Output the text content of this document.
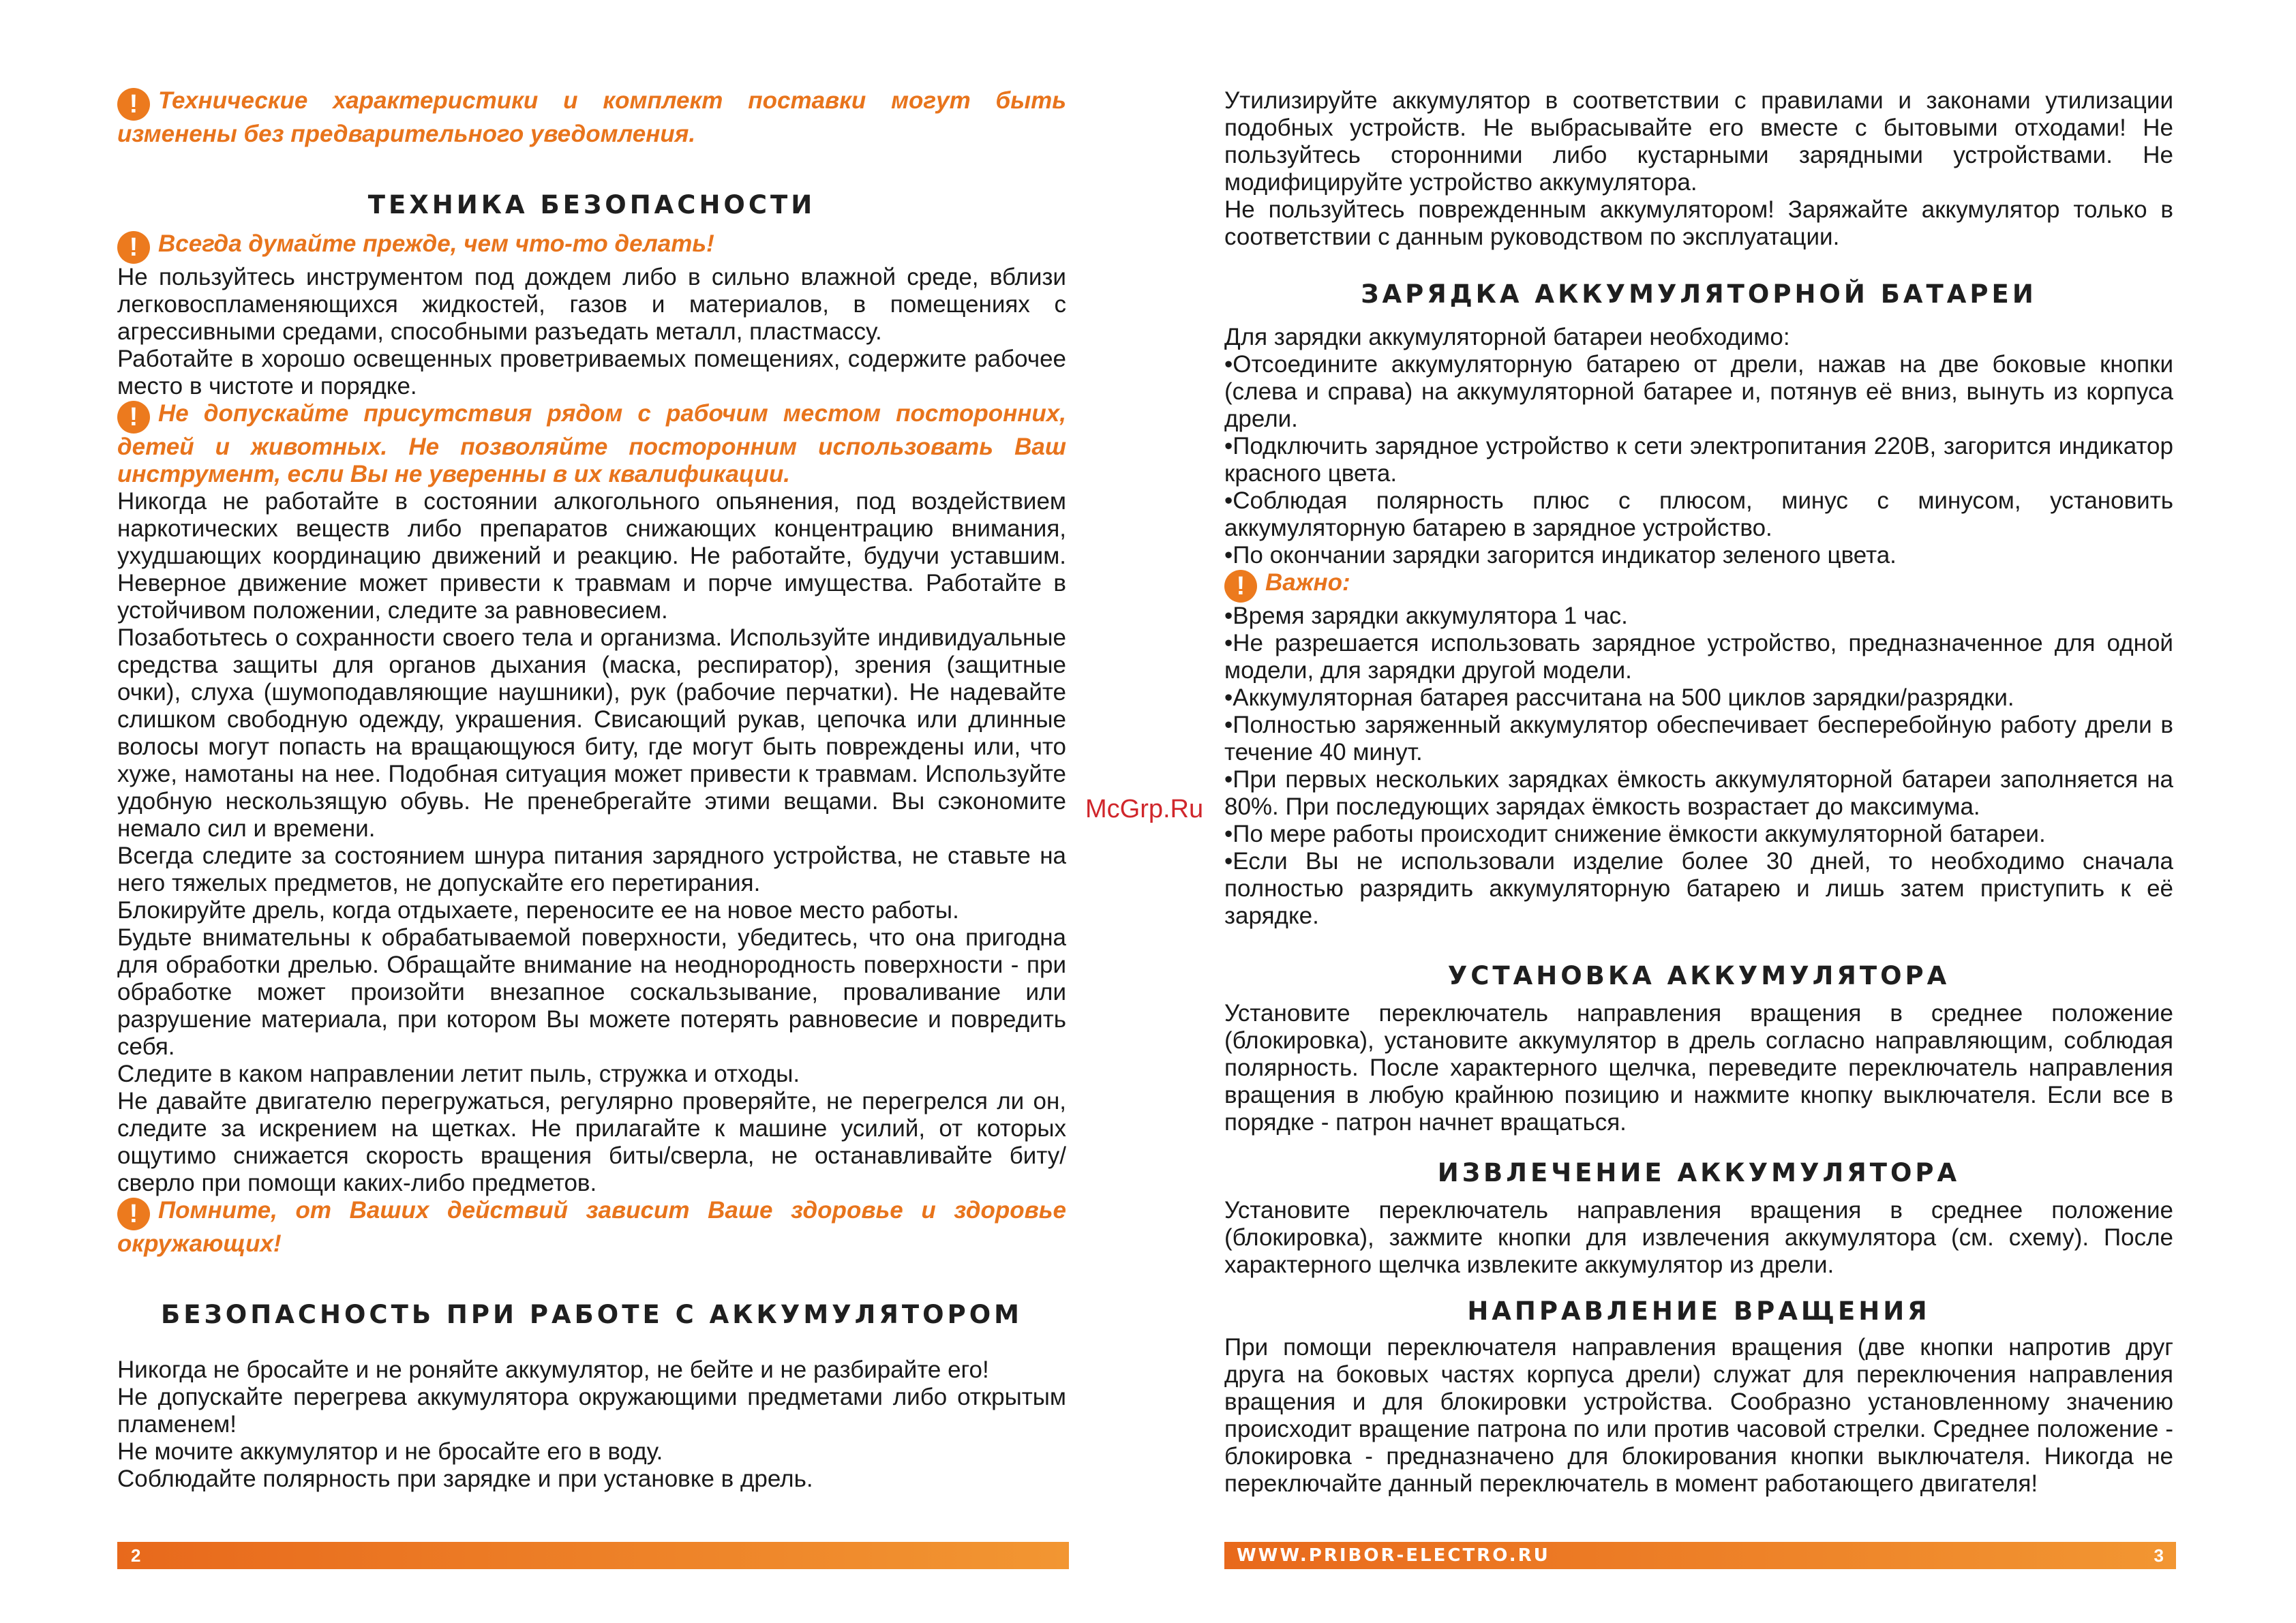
! Технические характеристики и комплект поставки могут быть изменены без предварительного уведомления.

ТЕХНИКА БЕЗОПАСНОСТИ

! Всегда думайте прежде, чем что-то делать!

Не пользуйтесь инструментом под дождем либо в сильно влажной среде, вблизи легковоспламеняющихся жидкостей, газов и материалов, в помещениях с агрессивными средами, способными разъедать металл, пластмассу.

Работайте в хорошо освещенных проветриваемых помещениях, содержите рабочее место в чистоте и порядке.

! Не допускайте присутствия рядом с рабочим местом посторонних, детей и животных. Не позволяйте посторонним использовать Ваш инструмент, если Вы не уверенны в их квалификации.

Никогда не работайте в состоянии алкогольного опьянения, под воздействием наркотических веществ либо препаратов снижающих концентрацию внимания, ухудшающих координацию движений и реакцию. Не работайте, будучи уставшим. Неверное движение может привести к травмам и порче имущества. Работайте в устойчивом положении, следите за равновесием.

Позаботьтесь о сохранности своего тела и организма. Используйте индивидуальные средства защиты для органов дыхания (маска, респиратор), зрения (защитные очки), слуха (шумоподавляющие наушники), рук (рабочие перчатки). Не надевайте слишком свободную одежду, украшения. Свисающий рукав, цепочка или длинные волосы могут попасть на вращающуюся биту, где могут быть повреждены или, что хуже, намотаны на нее. Подобная ситуация может привести к травмам. Используйте удобную нескользящую обувь. Не пренебрегайте этими вещами. Вы сэкономите немало сил и времени.

Всегда следите за состоянием шнура питания зарядного устройства, не ставьте на него тяжелых предметов, не допускайте его перетирания.

Блокируйте дрель, когда отдыхаете, переносите ее на новое место работы.

Будьте внимательны к обрабатываемой поверхности, убедитесь, что она пригодна для обработки дрелью. Обращайте внимание на неоднородность поверхности - при обработке может произойти внезапное соскальзывание, проваливание или разрушение материала, при котором Вы можете потерять равновесие и повредить себя.

Следите в каком направлении летит пыль, стружка и отходы.

Не давайте двигателю перегружаться, регулярно проверяйте, не перегрелся ли он, следите за искрением на щетках. Не прилагайте к машине усилий, от которых ощутимо снижается скорость вращения биты/сверла, не останавливайте биту/сверло при помощи каких-либо предметов.

! Помните, от Ваших действий зависит Ваше здоровье и здоровье окружающих!

БЕЗОПАСНОСТЬ ПРИ РАБОТЕ С АККУМУЛЯТОРОМ

Никогда не бросайте и не роняйте аккумулятор, не бейте и не разбирайте его!

Не допускайте перегрева аккумулятора окружающими предметами либо открытым пламенем!

Не мочите аккумулятор и не бросайте его в воду.

Соблюдайте полярность при зарядке и при установке в дрель.

Утилизируйте аккумулятор в соответствии с правилами и законами утилизации подобных устройств. Не выбрасывайте его вместе с бытовыми отходами! Не пользуйтесь сторонними либо кустарными зарядными устройствами. Не модифицируйте устройство аккумулятора.

Не пользуйтесь поврежденным аккумулятором! Заряжайте аккумулятор только в соответствии с данным руководством по эксплуатации.

ЗАРЯДКА АККУМУЛЯТОРНОЙ БАТАРЕИ

Для зарядки аккумуляторной батареи необходимо:

•Отсоедините аккумуляторную батарею от дрели, нажав на две боковые кнопки (слева и справа) на аккумуляторной батарее и, потянув её вниз, вынуть из корпуса дрели.

•Подключить зарядное устройство к сети электропитания 220В, загорится индикатор красного цвета.

•Соблюдая полярность плюс с плюсом, минус с минусом, установить аккумуляторную батарею в зарядное устройство.

•По окончании зарядки загорится индикатор зеленого цвета.

! Важно:

•Время зарядки аккумулятора 1 час.

•Не разрешается использовать зарядное устройство, предназначенное для одной модели, для зарядки другой модели.

•Аккумуляторная батарея рассчитана на 500 циклов зарядки/разрядки.

•Полностью заряженный аккумулятор обеспечивает бесперебойную работу дрели в течение 40 минут.

•При первых нескольких зарядках ёмкость аккумуляторной батареи заполняется на 80%. При последующих зарядах ёмкость возрастает до максимума.

•По мере работы происходит снижение ёмкости аккумуляторной батареи.

•Если Вы не использовали изделие более 30 дней, то необходимо сначала полностью разрядить аккумуляторную батарею и лишь затем приступить к её зарядке.

УСТАНОВКА АККУМУЛЯТОРА

Установите переключатель направления вращения в среднее положение (блокировка), установите аккумулятор в дрель согласно направляющим, соблюдая полярность. После характерного щелчка, переведите переключатель направления вращения в любую крайнюю позицию и нажмите кнопку выключателя. Если все в порядке - патрон начнет вращаться.

ИЗВЛЕЧЕНИЕ АККУМУЛЯТОРА

Установите переключатель направления вращения в среднее положение (блокировка), зажмите кнопки для извлечения аккумулятора (см. схему). После характерного щелчка извлеките аккумулятор из дрели.

НАПРАВЛЕНИЕ ВРАЩЕНИЯ

При помощи переключателя направления вращения (две кнопки напротив друг друга на боковых частях корпуса дрели) служат для переключения направления вращения и для блокировки устройства. Сообразно установленному значению происходит вращение патрона по или против часовой стрелки. Среднее положение - блокировка - предназначено для блокирования кнопки выключателя. Никогда не переключайте данный переключатель в момент работающего двигателя!

McGrp.Ru
2	WWW.PRIBOR-ELECTRO.RU	3
